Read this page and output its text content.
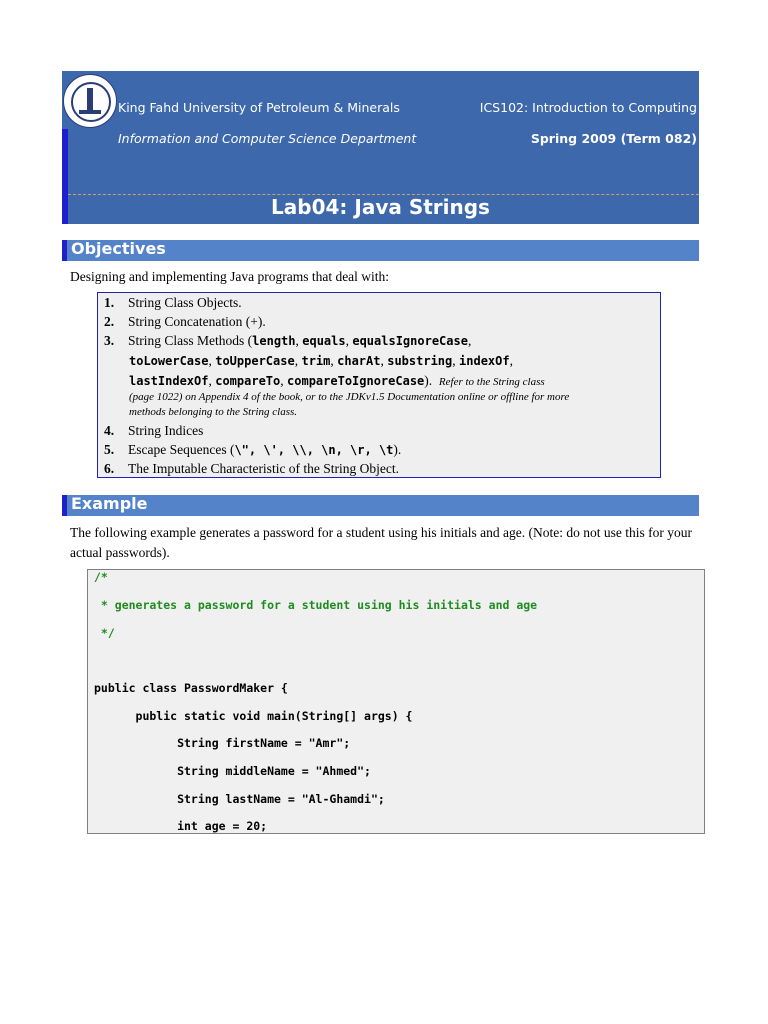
King Fahd University of Petroleum & Minerals	ICS102: Introduction to Computing
Information and Computer Science Department	Spring 2009 (Term 082)
Lab04: Java Strings
Objectives
Designing and implementing Java programs that deal with:
1. String Class Objects.
2. String Concatenation (+).
3. String Class Methods (length, equals, equalsIgnoreCase,
toLowerCase, toUpperCase, trim, charAt, substring, indexOf,
lastIndexOf, compareTo, compareToIgnoreCase). Refer to the String class
(page 1022) on Appendix 4 of the book, or to the JDKv1.5 Documentation online or offline for more
methods belonging to the String class.
4. String Indices
5. Escape Sequences (\", \', \\, \n, \r, \t).
6. The Imputable Characteristic of the String Object.
Example
The following example generates a password for a student using his initials and age. (Note: do not use this for your actual passwords).
/*
* generates a password for a student using his initials and age
*/
public class PasswordMaker {
public static void main(String[] args) {
String firstName = "Amr";
String middleName = "Ahmed";
String lastName = "Al-Ghamdi";
int age = 20;
